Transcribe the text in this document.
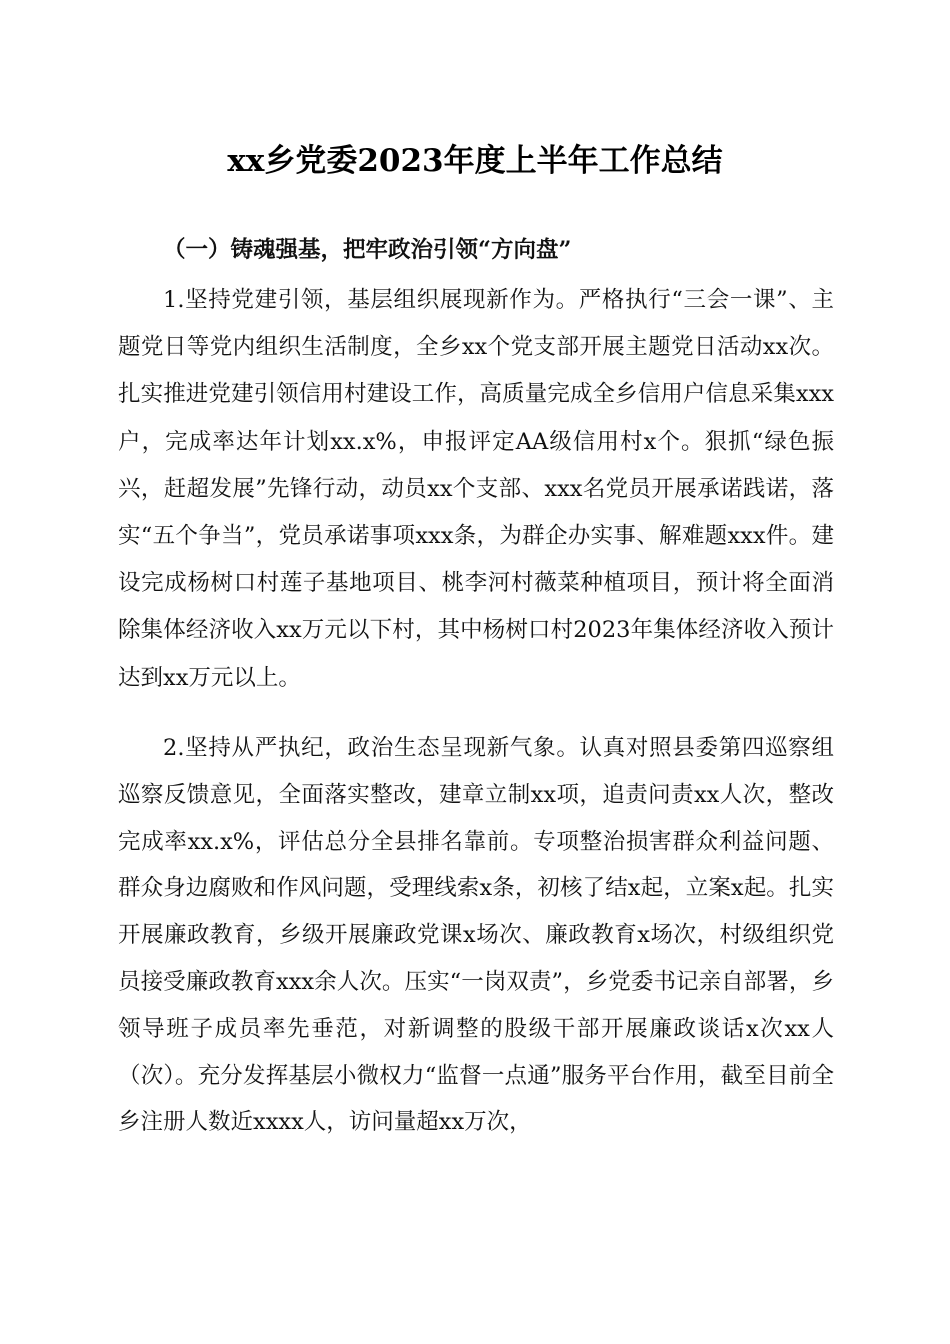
xx乡党委2023年度上半年工作总结

（一）铸魂强基，把牢政治引领“方向盘”

1.坚持党建引领，基层组织展现新作为。严格执行“三会一课”、主题党日等党内组织生活制度，全乡xx个党支部开展主题党日活动xx次。扎实推进党建引领信用村建设工作，高质量完成全乡信用户信息采集xxx户，完成率达年计划xx.x%，申报评定AA级信用村x个。狠抓“绿色振兴，赶超发展”先锋行动，动员xx个支部、xxx名党员开展承诺践诺，落实“五个争当”，党员承诺事项xxx条，为群企办实事、解难题xxx件。建设完成杨树口村莲子基地项目、桃李河村薇菜种植项目，预计将全面消除集体经济收入xx万元以下村，其中杨树口村2023年集体经济收入预计达到xx万元以上。

2.坚持从严执纪，政治生态呈现新气象。认真对照县委第四巡察组巡察反馈意见，全面落实整改，建章立制xx项，追责问责xx人次，整改完成率xx.x%，评估总分全县排名靠前。专项整治损害群众利益问题、群众身边腐败和作风问题，受理线索x条，初核了结x起，立案x起。扎实开展廉政教育，乡级开展廉政党课x场次、廉政教育x场次，村级组织党员接受廉政教育xxx余人次。压实“一岗双责”，乡党委书记亲自部署，乡领导班子成员率先垂范，对新调整的股级干部开展廉政谈话x次xx人（次）。充分发挥基层小微权力“监督一点通”服务平台作用，截至目前全乡注册人数近xxxx人，访问量超xx万次，
